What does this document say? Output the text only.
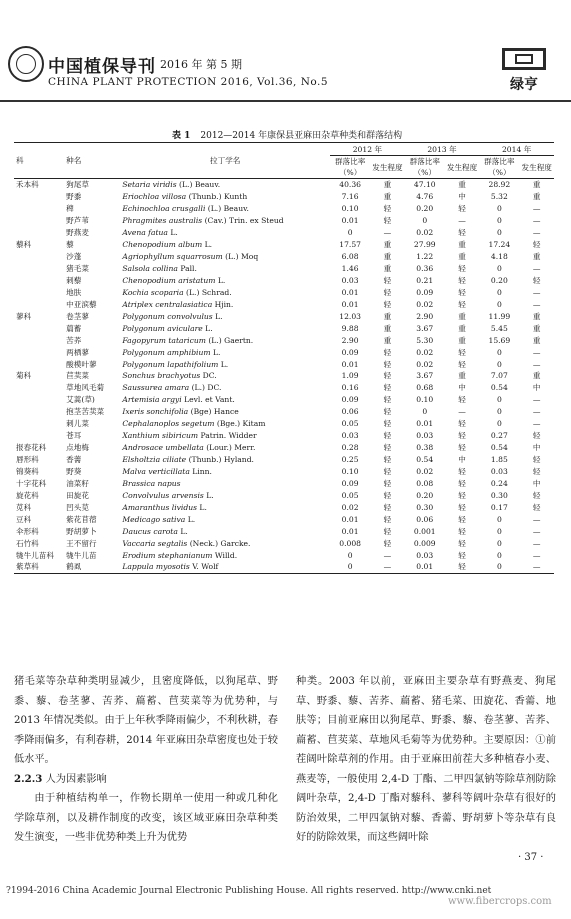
中国植保导刊 2016 年 第 5 期
CHINA PLANT PROTECTION 2016, Vol.36, No.5	绿亨
表 1 2012—2014 年康保县亚麻田杂草种类和群落结构
科	种名	拉丁学名	2012 年		2013 年		2014 年	
			群落比率	发生程度	群落比率	发生程度	群落比率	发生程度
			（%）		（%）		（%）	
禾本科	狗尾草	Setaria viridis (L.) Beauv.	40.36	重	47.10	重	28.92	重
	野黍	Eriochloa villosa (Thunb.) Kunth	7.16	重	4.76	中	5.32	重
	稗	Echinochloa crusgalli (L.) Beauv.	0.10	轻	0.20	轻	0	—
	野芦苇	Phragmites australis (Cav.) Trin. ex Steud	0.01	轻	0	—	0	—
	野燕麦	Avena fatua L.	0	—	0.02	轻	0	—
藜科	藜	Chenopodium album L.	17.57	重	27.99	重	17.24	轻
	沙蓬	Agriophyllum squarrosum (L.) Moq	6.08	重	1.22	重	4.18	重
	猪毛菜	Salsola collina Pall.	1.46	重	0.36	轻	0	—
	刺藜	Chenopodium aristatum L.	0.03	轻	0.21	轻	0.20	轻
	地肤	Kochia scoparia (L.) Schrad.	0.01	轻	0.09	轻	0	—
	中亚滨藜	Atriplex centralasiatica Hjin.	0.01	轻	0.02	轻	0	—
蓼科	卷茎蓼	Polygonum convolvulus L.	12.03	重	2.90	重	11.99	重
	萹蓄	Polygonum aviculare L.	9.88	重	3.67	重	5.45	重
	苦荞	Fagopyrum tataricum (L.) Gaertn.	2.90	重	5.30	重	15.69	重
	两栖蓼	Polygonum amphibium L.	0.09	轻	0.02	轻	0	—
	酸模叶蓼	Polygonum lapathifolium L.	0.01	轻	0.02	轻	0	—
菊科	苣荬菜	Sonchus brachyotus DC.	1.09	轻	3.67	重	7.07	重
	草地风毛菊	Saussurea amara (L.) DC.	0.16	轻	0.68	中	0.54	中
	艾蒿(草)	Artemisia argyi Levl. et Vant.	0.09	轻	0.10	轻	0	—
	抱茎苦荬菜	Ixeris sonchifolia (Bge) Hance	0.06	轻	0	—	0	—
	刺儿菜	Cephalanoplos segetum (Bge.) Kitam	0.05	轻	0.01	轻	0	—
	苍耳	Xanthium sibiricum Patrin. Widder	0.03	轻	0.03	轻	0.27	轻
报春花科	点地梅	Androsace umbellata (Lour.) Merr.	0.28	轻	0.38	轻	0.54	中
唇形科	香薷	Elsholtzia ciliate (Thunb.) Hyland.	0.25	轻	0.54	中	1.85	轻
锦葵科	野葵	Malva verticillata Linn.	0.10	轻	0.02	轻	0.03	轻
十字花科	油菜籽	Brassica napus	0.09	轻	0.08	轻	0.24	中
旋花科	田旋花	Convolvulus arvensis L.	0.05	轻	0.20	轻	0.30	轻
苋科	凹头苋	Amaranthus lividus L.	0.02	轻	0.30	轻	0.17	轻
豆科	紫花苜蓿	Medicago sativa L.	0.01	轻	0.06	轻	0	—
伞形科	野胡萝卜	Daucus carota L.	0.01	轻	0.001	轻	0	—
石竹科	王不留行	Vaccaria segtalis (Neck.) Garcke.	0.008	轻	0.009	轻	0	—
牻牛儿苗科	牻牛儿苗	Erodium stephanianum Willd.	0	—	0.03	轻	0	—
紫草科	鹤虱	Lappula myosotis V. Wolf	0	—	0.01	轻	0	—

猪毛菜等杂草种类明显减少，且密度降低，以狗尾草、野黍、藜、卷茎蓼、苦荞、萹蓄、苣荬菜等为优势种，与 2013 年情况类似。由于上年秋季降雨偏少，不利秋耕，春季降雨偏多，有利春耕，2014 年亚麻田杂草密度也处于较低水平。

2.2.3 人为因素影响

由于种植结构单一，作物长期单一使用一种或几种化学除草剂，以及耕作制度的改变，该区域亚麻田杂草种类发生演变，一些非优势种类上升为优势

种类。2003 年以前，亚麻田主要杂草有野燕麦、狗尾草、野黍、藜、苦荞、萹蓄、猪毛菜、田旋花、香薷、地肤等；目前亚麻田以狗尾草、野黍、藜、卷茎蓼、苦荞、萹蓄、苣荬菜、草地风毛菊等为优势种。主要原因：①前茬阔叶除草剂的作用。由于亚麻田前茬大多种植春小麦、燕麦等，一般使用 2,4-D 丁酯、二甲四氯钠等除草剂防除阔叶杂草，2,4-D 丁酯对藜科、蓼科等阔叶杂草有很好的防治效果，二甲四氯钠对藜、香薷、野胡萝卜等杂草有良好的防除效果，而这些阔叶除

· 37 ·
?1994-2016 China Academic Journal Electronic Publishing House. All rights reserved. http://www.cnki.net
www.fibercrops.com
